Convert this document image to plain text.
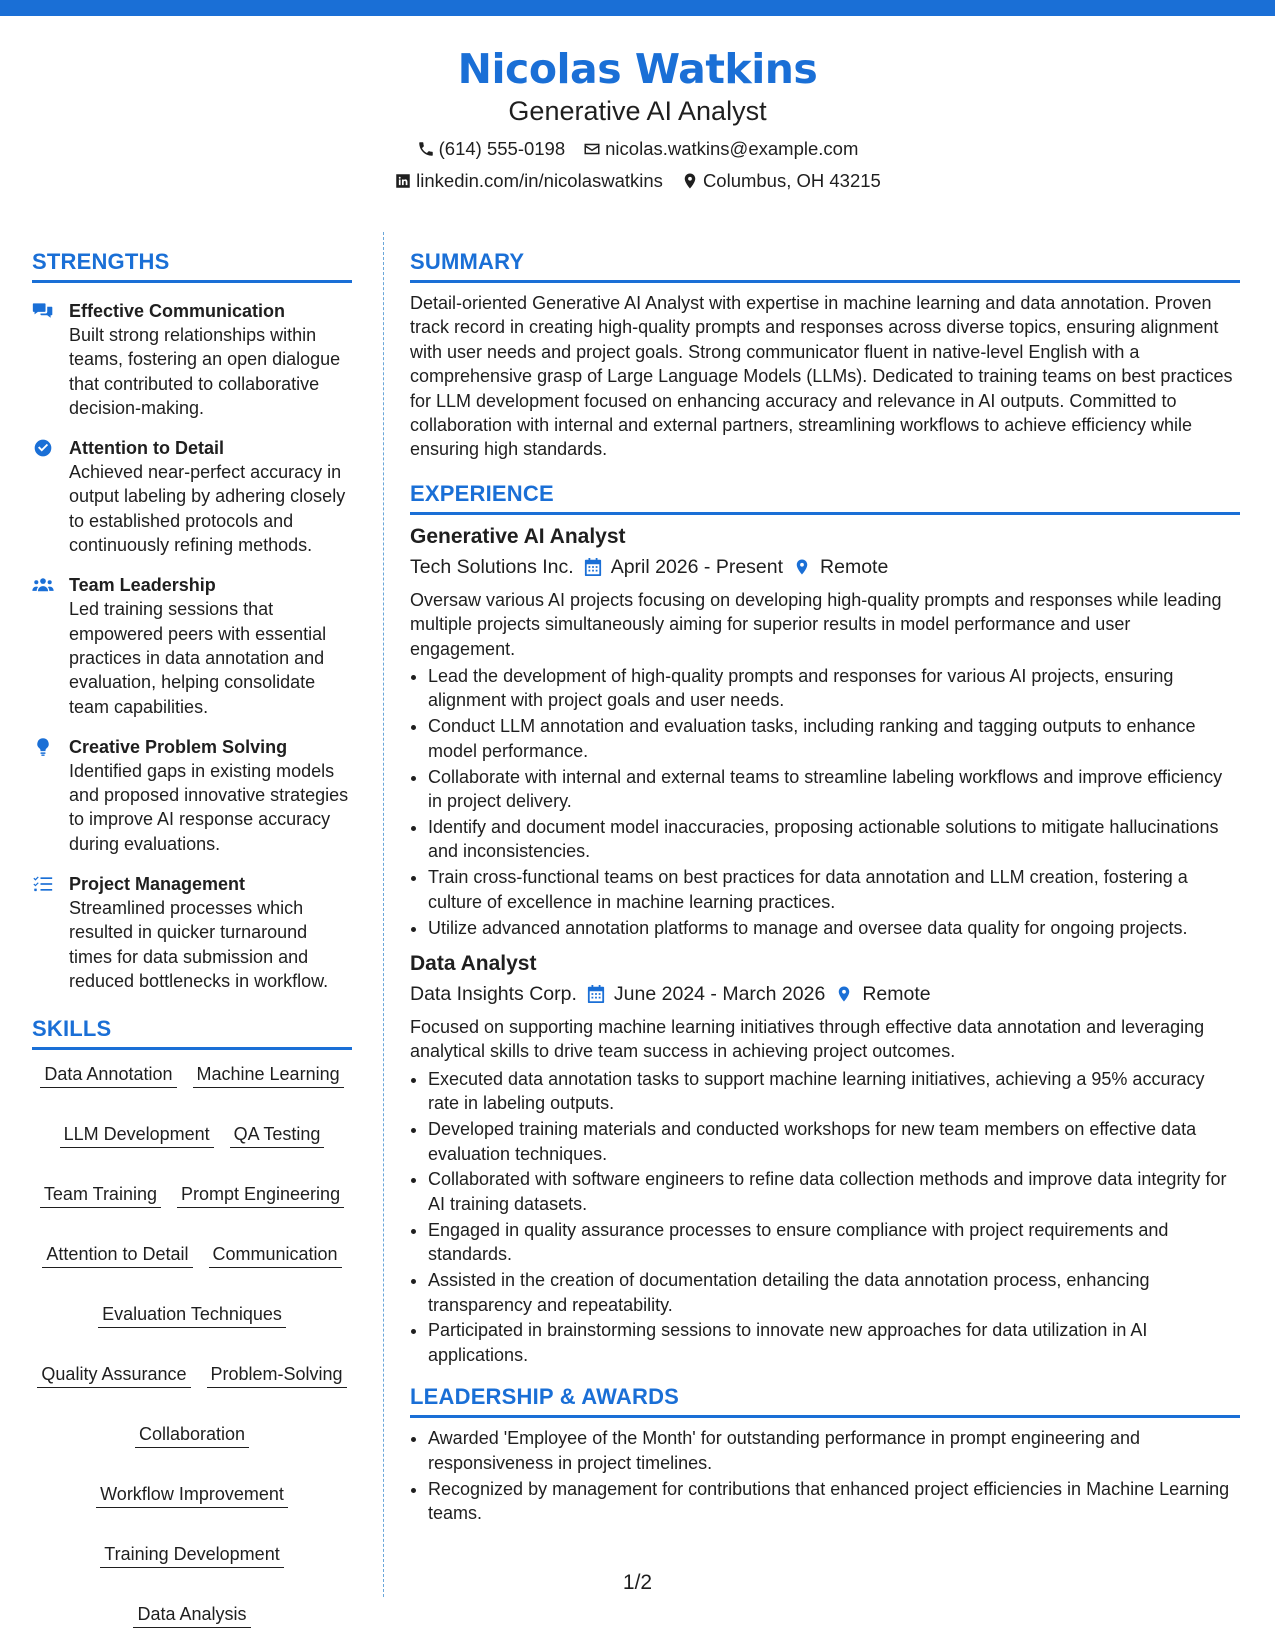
Nicolas Watkins
Generative AI Analyst
(614) 555-0198 nicolas.watkins@example.com
linkedin.com/in/nicolaswatkins Columbus, OH 43215
STRENGTHS
Effective Communication
Built strong relationships within teams, fostering an open dialogue that contributed to collaborative decision-making.
Attention to Detail
Achieved near-perfect accuracy in output labeling by adhering closely to established protocols and continuously refining methods.
Team Leadership
Led training sessions that empowered peers with essential practices in data annotation and evaluation, helping consolidate team capabilities.
Creative Problem Solving
Identified gaps in existing models and proposed innovative strategies to improve AI response accuracy during evaluations.
Project Management
Streamlined processes which resulted in quicker turnaround times for data submission and reduced bottlenecks in workflow.
SKILLS
Data Annotation Machine Learning
LLM Development QA Testing
Team Training Prompt Engineering
Attention to Detail Communication
Evaluation Techniques
Quality Assurance Problem-Solving
Collaboration
Workflow Improvement
Training Development
Data Analysis
SUMMARY
Detail-oriented Generative AI Analyst with expertise in machine learning and data annotation. Proven track record in creating high-quality prompts and responses across diverse topics, ensuring alignment with user needs and project goals. Strong communicator fluent in native-level English with a comprehensive grasp of Large Language Models (LLMs). Dedicated to training teams on best practices for LLM development focused on enhancing accuracy and relevance in AI outputs. Committed to collaboration with internal and external partners, streamlining workflows to achieve efficiency while ensuring high standards.
EXPERIENCE
Generative AI Analyst
Tech Solutions Inc. April 2026 - Present Remote
Oversaw various AI projects focusing on developing high-quality prompts and responses while leading multiple projects simultaneously aiming for superior results in model performance and user engagement.
• Lead the development of high-quality prompts and responses for various AI projects, ensuring alignment with project goals and user needs.
• Conduct LLM annotation and evaluation tasks, including ranking and tagging outputs to enhance model performance.
• Collaborate with internal and external teams to streamline labeling workflows and improve efficiency in project delivery.
• Identify and document model inaccuracies, proposing actionable solutions to mitigate hallucinations and inconsistencies.
• Train cross-functional teams on best practices for data annotation and LLM creation, fostering a culture of excellence in machine learning practices.
• Utilize advanced annotation platforms to manage and oversee data quality for ongoing projects.
Data Analyst
Data Insights Corp. June 2024 - March 2026 Remote
Focused on supporting machine learning initiatives through effective data annotation and leveraging analytical skills to drive team success in achieving project outcomes.
• Executed data annotation tasks to support machine learning initiatives, achieving a 95% accuracy rate in labeling outputs.
• Developed training materials and conducted workshops for new team members on effective data evaluation techniques.
• Collaborated with software engineers to refine data collection methods and improve data integrity for AI training datasets.
• Engaged in quality assurance processes to ensure compliance with project requirements and standards.
• Assisted in the creation of documentation detailing the data annotation process, enhancing transparency and repeatability.
• Participated in brainstorming sessions to innovate new approaches for data utilization in AI applications.
LEADERSHIP & AWARDS
• Awarded 'Employee of the Month' for outstanding performance in prompt engineering and responsiveness in project timelines.
• Recognized by management for contributions that enhanced project efficiencies in Machine Learning teams.
1/2
